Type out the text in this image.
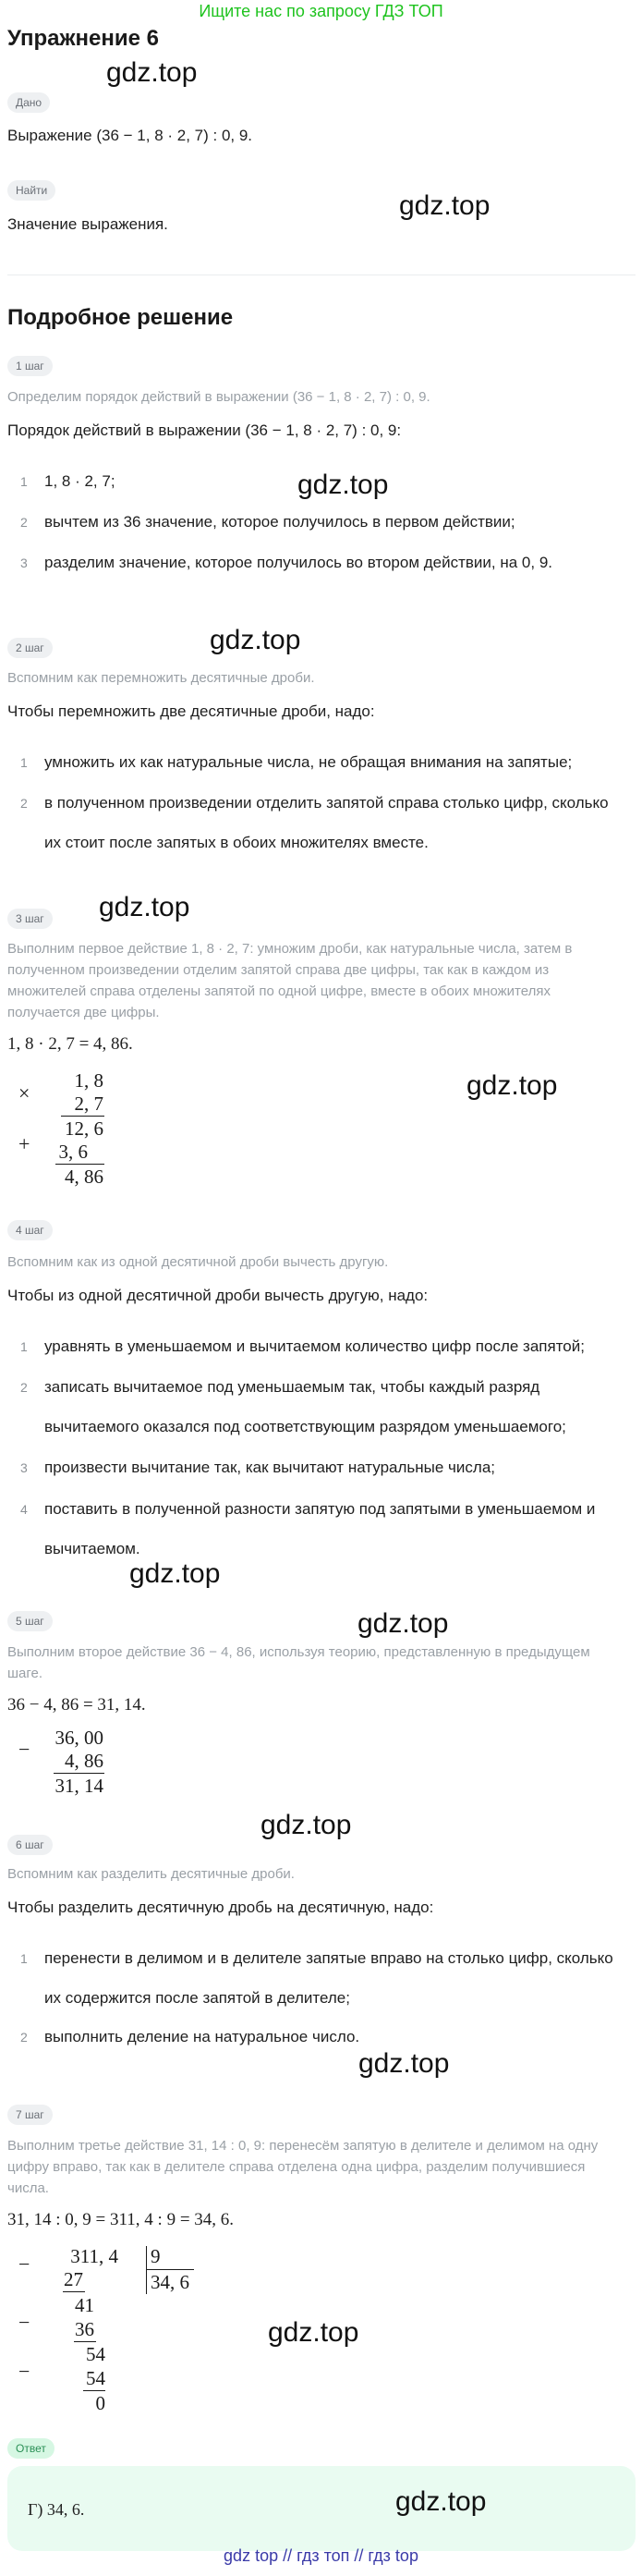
Ищите нас по запросу ГДЗ ТОП
Упражнение 6
gdz.top
Дано
Выражение (36 − 1, 8 · 2, 7) : 0, 9.
Найти	gdz.top
Значение выражения.
Подробное решение
1 шаг
Определим порядок действий в выражении (36 − 1, 8 · 2, 7) : 0, 9.
Порядок действий в выражении (36 − 1, 8 · 2, 7) : 0, 9:
1 1, 8 · 2, 7;	gdz.top
2 вычтем из 36 значение, которое получилось в первом действии;
3 разделим значение, которое получилось во втором действии, на 0, 9.
gdz.top
2 шаг
Вспомним как перемножить десятичные дроби.
Чтобы перемножить две десятичные дроби, надо:
1 умножить их как натуральные числа, не обращая внимания на запятые;
2 в полученном произведении отделить запятой справа столько цифр, сколько их стоит после запятых в обоих множителях вместе.
gdz.top
3 шаг
Выполним первое действие 1, 8 · 2, 7: умножим дроби, как натуральные числа, затем в полученном произведении отделим запятой справа две цифры, так как в каждом из множителей справа отделены запятой по одной цифре, вместе в обоих множителях получается две цифры.
1, 8 · 2, 7 = 4, 86.
gdz.top
×
1, 8
2, 7
12, 6
+	3, 6
4, 86
4 шаг
Вспомним как из одной десятичной дроби вычесть другую.
Чтобы из одной десятичной дроби вычесть другую, надо:
1 уравнять в уменьшаемом и вычитаемом количество цифр после запятой;
2 записать вычитаемое под уменьшаемым так, чтобы каждый разряд вычитаемого оказался под соответствующим разрядом уменьшаемого;
3 произвести вычитание так, как вычитают натуральные числа;
4 поставить в полученной разности запятую под запятыми в уменьшаемом и вычитаемом.
gdz.top
gdz.top
5 шаг
Выполним второе действие 36 − 4, 86, используя теорию, представленную в предыдущем шаге.
36 − 4, 86 = 31, 14.
−	36, 00
4, 86
31, 14
gdz.top
6 шаг
Вспомним как разделить десятичные дроби.
Чтобы разделить десятичную дробь на десятичную, надо:
1 перенести в делимом и в делителе запятые вправо на столько цифр, сколько их содержится после запятой в делителе;
2 выполнить деление на натуральное число.
gdz.top
7 шаг
Выполним третье действие 31, 14 : 0, 9: перенесём запятую в делителе и делимом на одну цифру вправо, так как в делителе справа отделена одна цифра, разделим получившиеся числа.
31, 14 : 0, 9 = 311, 4 : 9 = 34, 6.
−	311, 4 9
34, 6
27
41
−	36
54
−	54
0
gdz.top
Ответ
Г) 34, 6.	gdz.top
gdz top // гдз топ // гдз top
